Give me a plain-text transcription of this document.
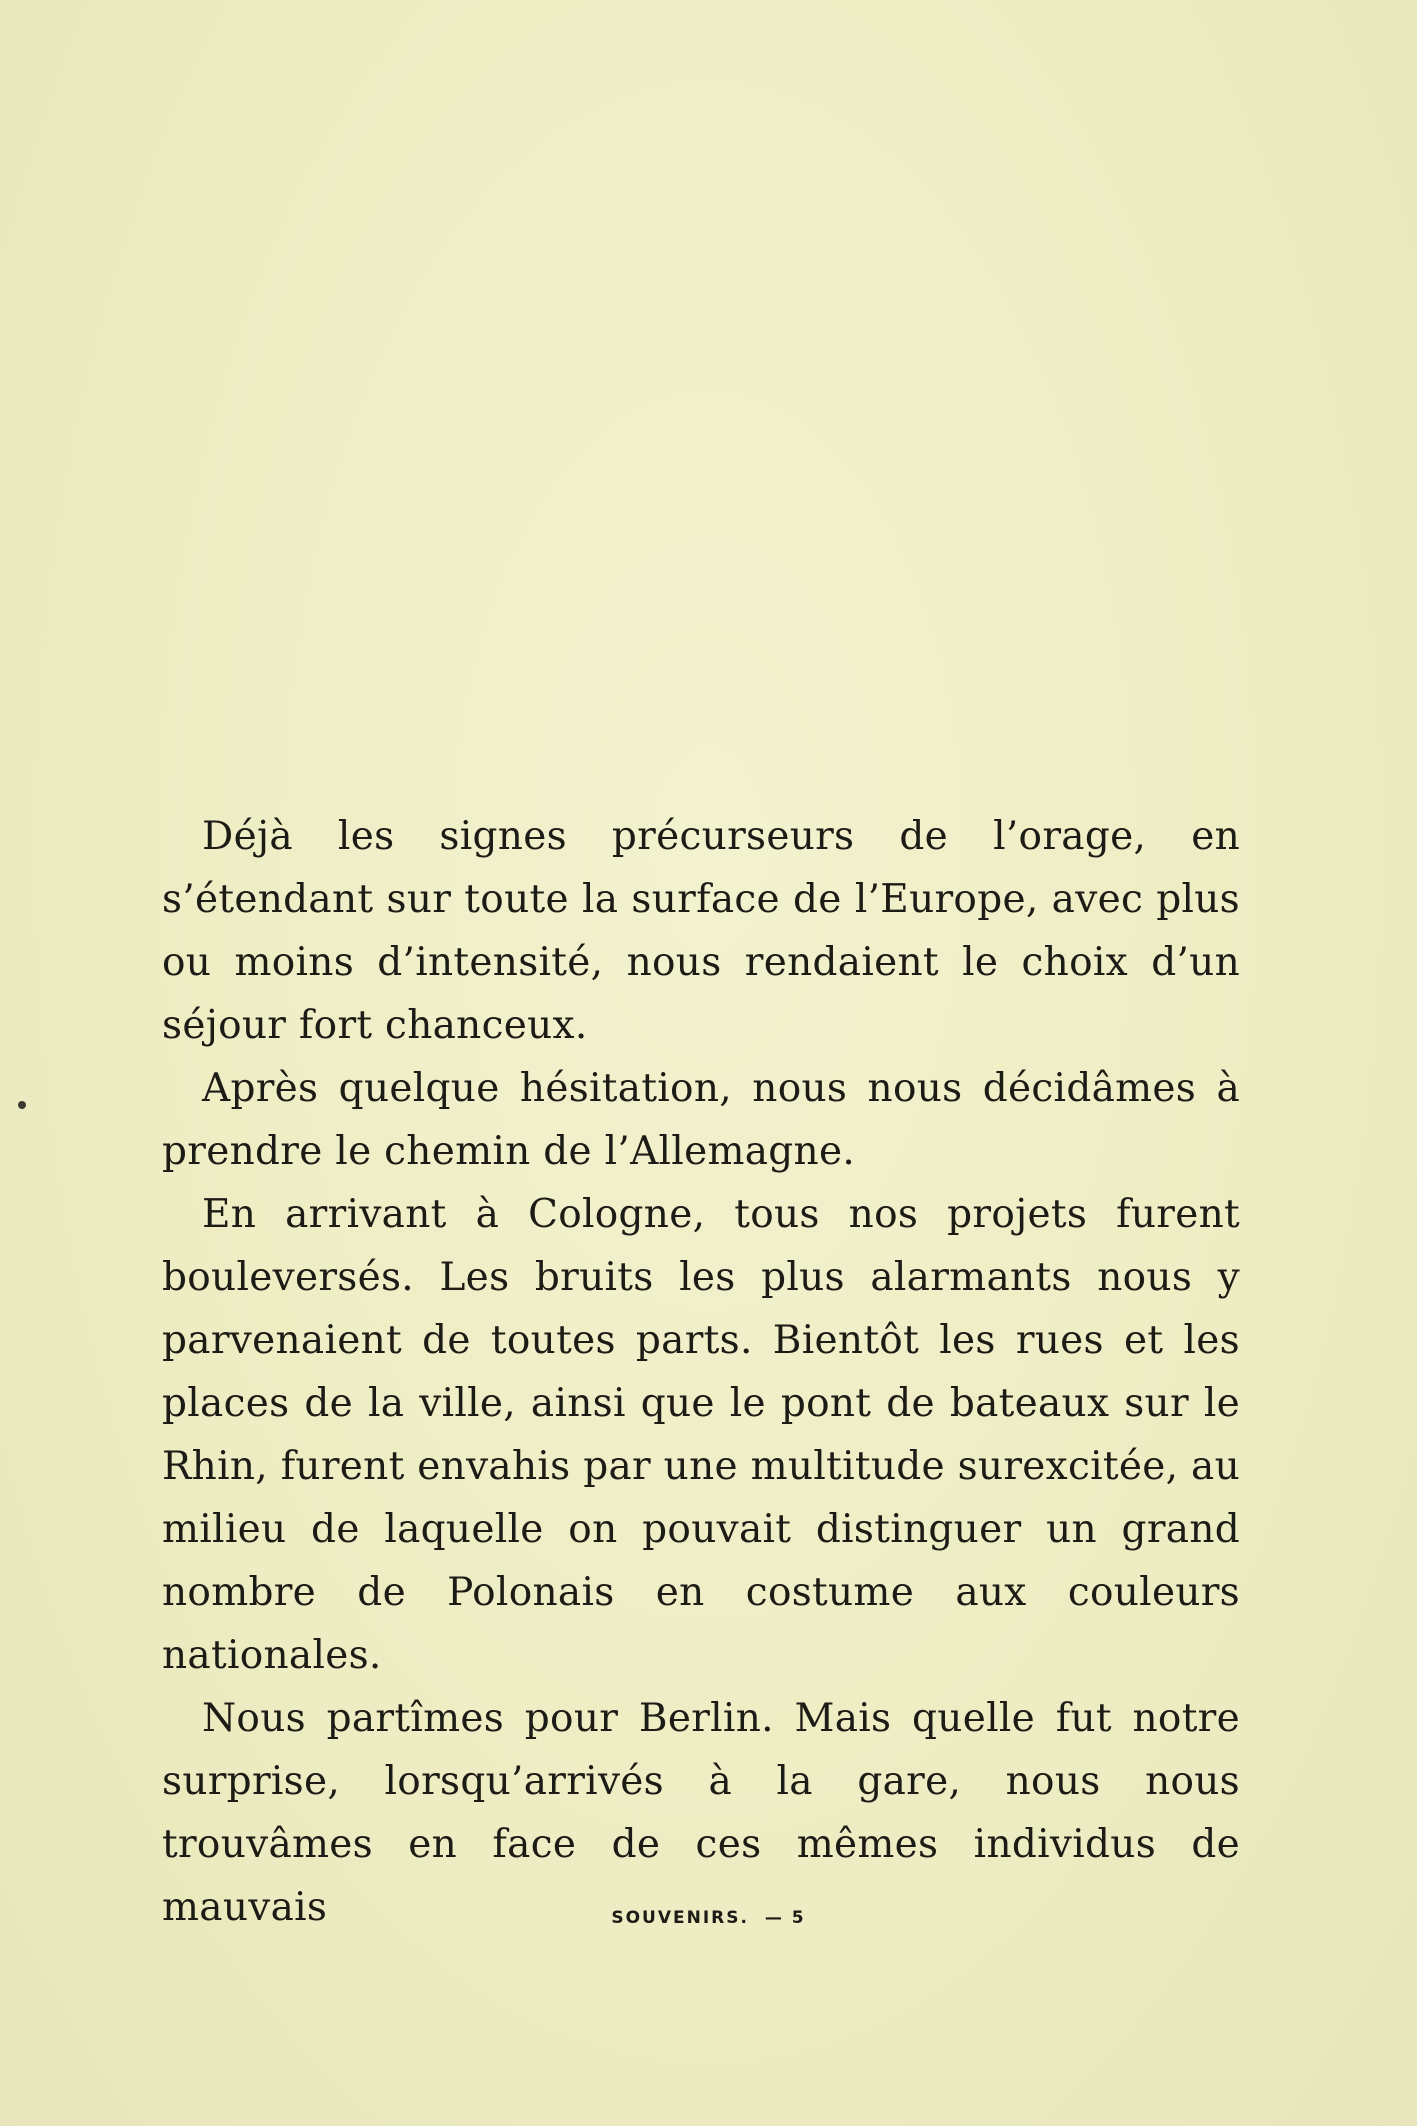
Déjà les signes précurseurs de l’orage, en s’étendant sur toute la surface de l’Europe, avec plus ou moins d’intensité, nous rendaient le choix d’un séjour fort chanceux.

Après quelque hésitation, nous nous décidâmes à prendre le chemin de l’Allemagne.

En arrivant à Cologne, tous nos projets furent bouleversés. Les bruits les plus alarmants nous y parvenaient de toutes parts. Bientôt les rues et les places de la ville, ainsi que le pont de bateaux sur le Rhin, furent envahis par une multitude surexcitée, au milieu de laquelle on pouvait distinguer un grand nombre de Polonais en costume aux couleurs nationales.

Nous partîmes pour Berlin. Mais quelle fut notre surprise, lorsqu’arrivés à la gare, nous nous trouvâmes en face de ces mêmes individus de mauvais	SOUVENIRS. — 5
